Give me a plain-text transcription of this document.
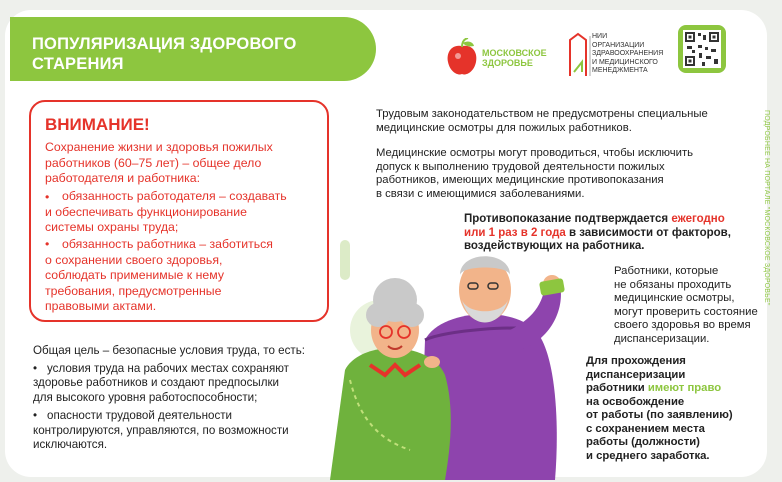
ПОПУЛЯРИЗАЦИЯ ЗДОРОВОГО
СТАРЕНИЯ
МОСКОВСКОЕ
ЗДОРОВЬЕ
НИИ
ОРГАНИЗАЦИИ
ЗДРАВООХРАНЕНИЯ
И МЕДИЦИНСКОГО
МЕНЕДЖМЕНТА
ВНИМАНИЕ!
Сохранение жизни и здоровья пожилых
работников (60–75 лет) – общее дело
работодателя и работника:
•	обязанность работодателя – создавать
и обеспечивать функционирование
системы охраны труда;
обязанность работника – заботиться
о сохранении своего здоровья,
соблюдать применимые к нему
требования, предусмотренные
правовыми актами.
•
Общая цель – безопасные условия труда, то есть:
• условия труда на рабочих местах сохраняют
здоровье работников и создают предпосылки
для высокого уровня работоспособности;
• опасности трудовой деятельности
контролируются, управляются, по возможности
исключаются.
Трудовым законодательством не предусмотрены специальные
медицинские осмотры для пожилых работников.
Медицинские осмотры могут проводиться, чтобы исключить
допуск к выполнению трудовой деятельности пожилых
работников, имеющих медицинские противопоказания
в связи с имеющимися заболеваниями.
Противопоказание подтверждается ежегодно
или 1 раз в 2 года в зависимости от факторов,
воздействующих на работника.
Работники, которые
не обязаны проходить
медицинские осмотры,
могут проверить состояние
своего здоровья во время
диспансеризации.
Для прохождения
диспансеризации
работники имеют право
на освобождение
от работы (по заявлению)
с сохранением места
работы (должности)
и среднего заработка.
ПОДРОБНЕЕ НА ПОРТАЛЕ "МОСКОВСКОЕ ЗДОРОВЬЕ"
